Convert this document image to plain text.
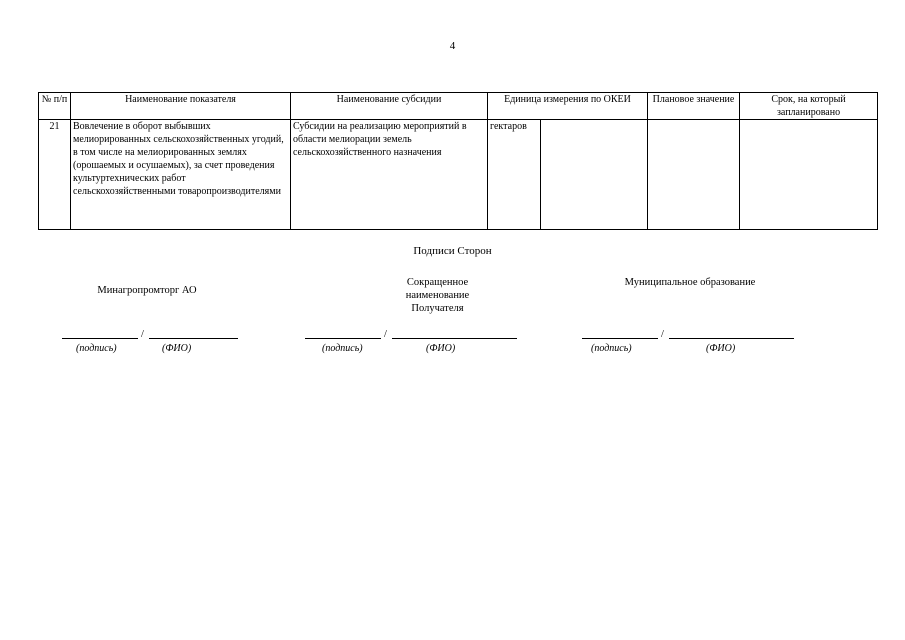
4
№ п/п	Наименование показателя	Наименование субсидии	Единица измерения по ОКЕИ		Плановое значение	Срок, на который запланировано
21	Вовлечение в оборот выбывших мелиорированных сельскохозяйственных угодий, в том числе на мелиорированных землях (орошаемых и осушаемых), за счет проведения культуртехнических работ сельскохозяйственными товаропроизводителями	Субсидии на реализацию мероприятий в области мелиорации земель сельскохозяйственного назначения	гектаров			
Подписи Сторон
Минагропромторг АО
Сокращенное наименование Получателя
Муниципальное образование
/	/	/
(подпись)	(ФИО)	(подпись)	(ФИО)	(подпись)	(ФИО)
